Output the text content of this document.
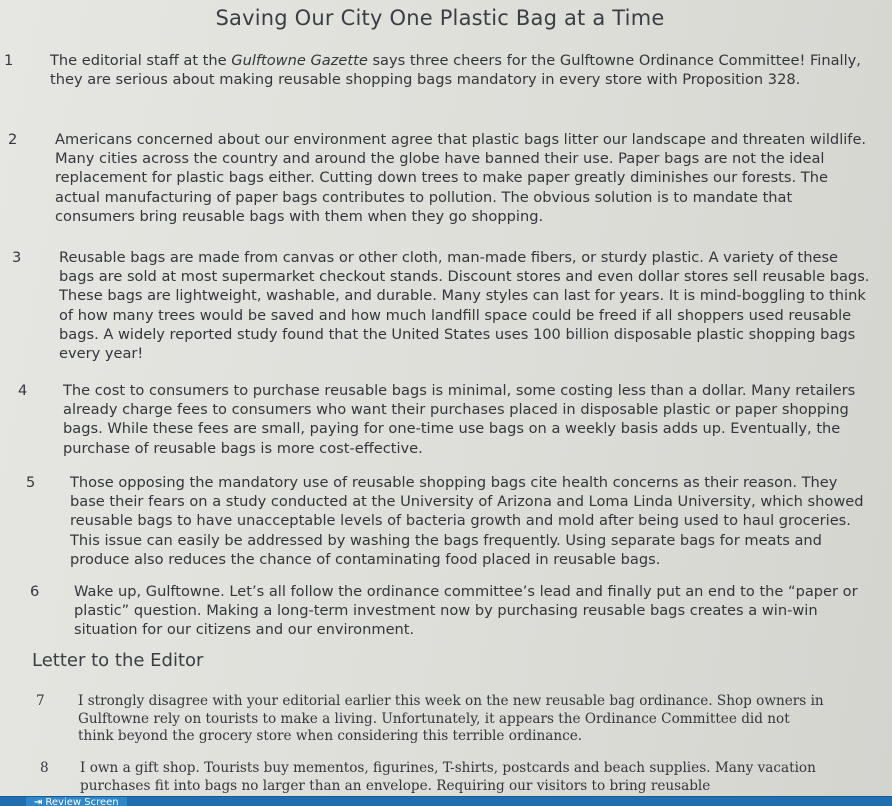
Saving Our City One Plastic Bag at a Time
1	The editorial staff at the Gulftowne Gazette says three cheers for the Gulftowne Ordinance Committee! Finally, they are serious about making reusable shopping bags mandatory in every store with Proposition 328.
2	Americans concerned about our environment agree that plastic bags litter our landscape and threaten wildlife. Many cities across the country and around the globe have banned their use. Paper bags are not the ideal replacement for plastic bags either. Cutting down trees to make paper greatly diminishes our forests. The actual manufacturing of paper bags contributes to pollution. The obvious solution is to mandate that consumers bring reusable bags with them when they go shopping.
3	Reusable bags are made from canvas or other cloth, man-made fibers, or sturdy plastic. A variety of these bags are sold at most supermarket checkout stands. Discount stores and even dollar stores sell reusable bags. These bags are lightweight, washable, and durable. Many styles can last for years. It is mind-boggling to think of how many trees would be saved and how much landfill space could be freed if all shoppers used reusable bags. A widely reported study found that the United States uses 100 billion disposable plastic shopping bags every year!
4	The cost to consumers to purchase reusable bags is minimal, some costing less than a dollar. Many retailers already charge fees to consumers who want their purchases placed in disposable plastic or paper shopping bags. While these fees are small, paying for one-time use bags on a weekly basis adds up. Eventually, the purchase of reusable bags is more cost-effective.
5	Those opposing the mandatory use of reusable shopping bags cite health concerns as their reason. They base their fears on a study conducted at the University of Arizona and Loma Linda University, which showed reusable bags to have unacceptable levels of bacteria growth and mold after being used to haul groceries. This issue can easily be addressed by washing the bags frequently. Using separate bags for meats and produce also reduces the chance of contaminating food placed in reusable bags.
6	Wake up, Gulftowne. Let’s all follow the ordinance committee’s lead and finally put an end to the “paper or plastic” question. Making a long-term investment now by purchasing reusable bags creates a win-win situation for our citizens and our environment.
Letter to the Editor
7	I strongly disagree with your editorial earlier this week on the new reusable bag ordinance. Shop owners in Gulftowne rely on tourists to make a living. Unfortunately, it appears the Ordinance Committee did not think beyond the grocery store when considering this terrible ordinance.
8	I own a gift shop. Tourists buy mementos, figurines, T-shirts, postcards and beach supplies. Many vacation purchases fit into bags no larger than an envelope. Requiring our visitors to bring reusable
⇥ Review Screen
